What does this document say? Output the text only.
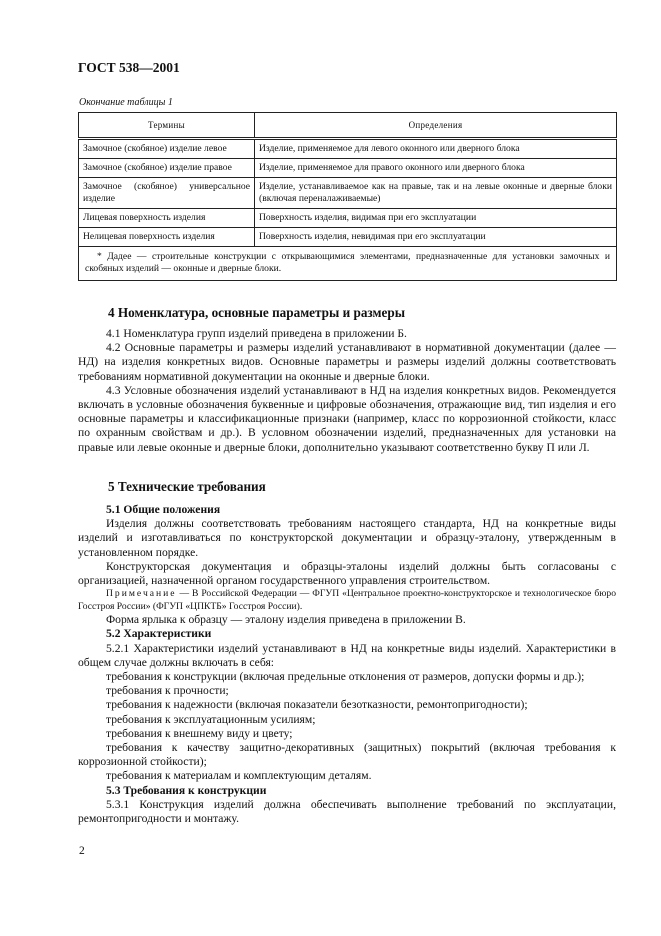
ГОСТ 538—2001
Окончание таблицы 1
Термины	Определения
Замочное (скобяное) изделие левое	Изделие, применяемое для левого оконного или дверного блока
Замочное (скобяное) изделие правое	Изделие, применяемое для правого оконного или дверного блока
Замочное (скобяное) универсальное изделие	Изделие, устанавливаемое как на правые, так и на левые оконные и дверные блоки (включая переналаживаемые)
Лицевая поверхность изделия	Поверхность изделия, видимая при его эксплуатации
Нелицевая поверхность изделия	Поверхность изделия, невидимая при его эксплуатации
* Дадее — строительные конструкции с открывающимися элементами, предназначенные для установки замочных и скобяных изделий — оконные и дверные блоки.	
4 Номенклатура, основные параметры и размеры

4.1 Номенклатура групп изделий приведена в приложении Б.

4.2 Основные параметры и размеры изделий устанавливают в нормативной документации (далее — НД) на изделия конкретных видов. Основные параметры и размеры изделий должны соответствовать требованиям нормативной документации на оконные и дверные блоки.

4.3 Условные обозначения изделий устанавливают в НД на изделия конкретных видов. Рекомендуется включать в условные обозначения буквенные и цифровые обозначения, отражающие вид, тип изделия и его основные параметры и классификационные признаки (например, класс по коррозионной стойкости, класс по охранным свойствам и др.). В условном обозначении изделий, предназначенных для установки на правые или левые оконные и дверные блоки, дополнительно указывают соответственно букву П или Л.

5 Технические требования

5.1 Общие положения

Изделия должны соответствовать требованиям настоящего стандарта, НД на конкретные виды изделий и изготавливаться по конструкторской документации и образцу-эталону, утвержденным в установленном порядке.

Конструкторская документация и образцы-эталоны изделий должны быть согласованы с организацией, назначенной органом государственного управления строительством.

Примечание — В Российской Федерации — ФГУП «Центральное проектно-конструкторское и технологическое бюро Госстроя России» (ФГУП «ЦПКТБ» Госстроя России).

Форма ярлыка к образцу — эталону изделия приведена в приложении В.

5.2 Характеристики

5.2.1 Характеристики изделий устанавливают в НД на конкретные виды изделий. Характеристики в общем случае должны включать в себя:

требования к конструкции (включая предельные отклонения от размеров, допуски формы и др.);

требования к прочности;

требования к надежности (включая показатели безотказности, ремонтопригодности);

требования к эксплуатационным усилиям;

требования к внешнему виду и цвету;

требования к качеству защитно-декоративных (защитных) покрытий (включая требования к коррозионной стойкости);

требования к материалам и комплектующим деталям.

5.3 Требования к конструкции

5.3.1 Конструкция изделий должна обеспечивать выполнение требований по эксплуатации, ремонтопригодности и монтажу.

2
